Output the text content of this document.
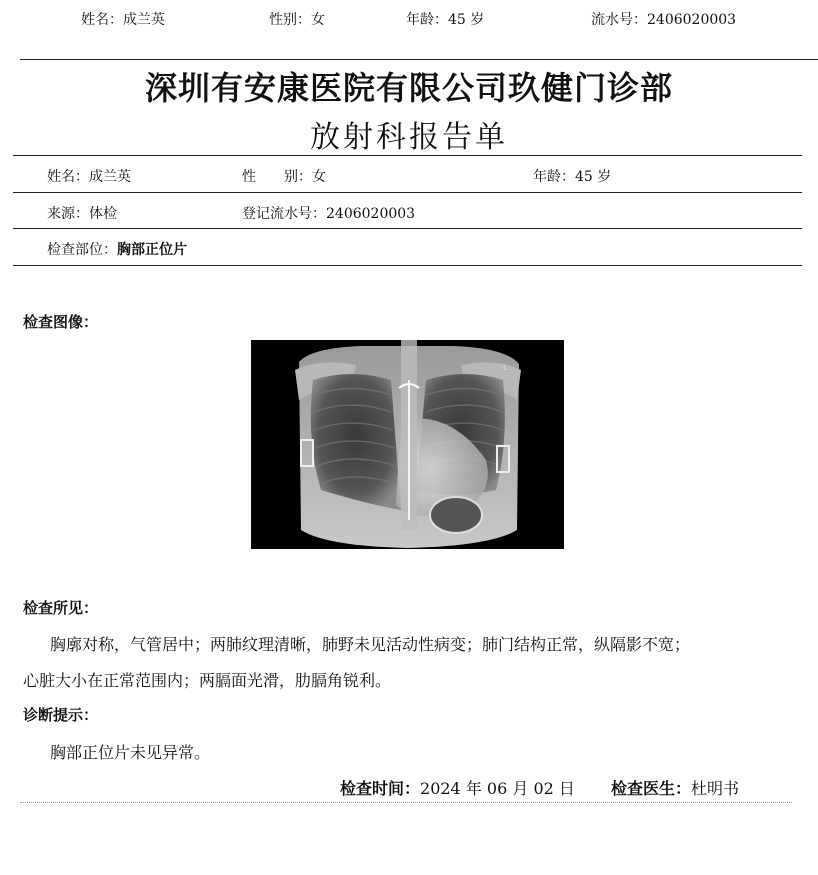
姓名：成兰英	性别：女	年龄：45 岁	流水号：2406020003
深圳有安康医院有限公司玖健门诊部
放射科报告单
姓名：成兰英	性　　别：女	年龄：45 岁
来源：体检	登记流水号：2406020003
检查部位：胸部正位片
检查图像：
L
检查所见：
胸廓对称，气管居中；两肺纹理清晰，肺野未见活动性病变；肺门结构正常，纵隔影不宽；
心脏大小在正常范围内；两膈面光滑，肋膈角锐利。
诊断提示：
胸部正位片未见异常。
检查时间：2024 年 06 月 02 日 检查医生：杜明书
